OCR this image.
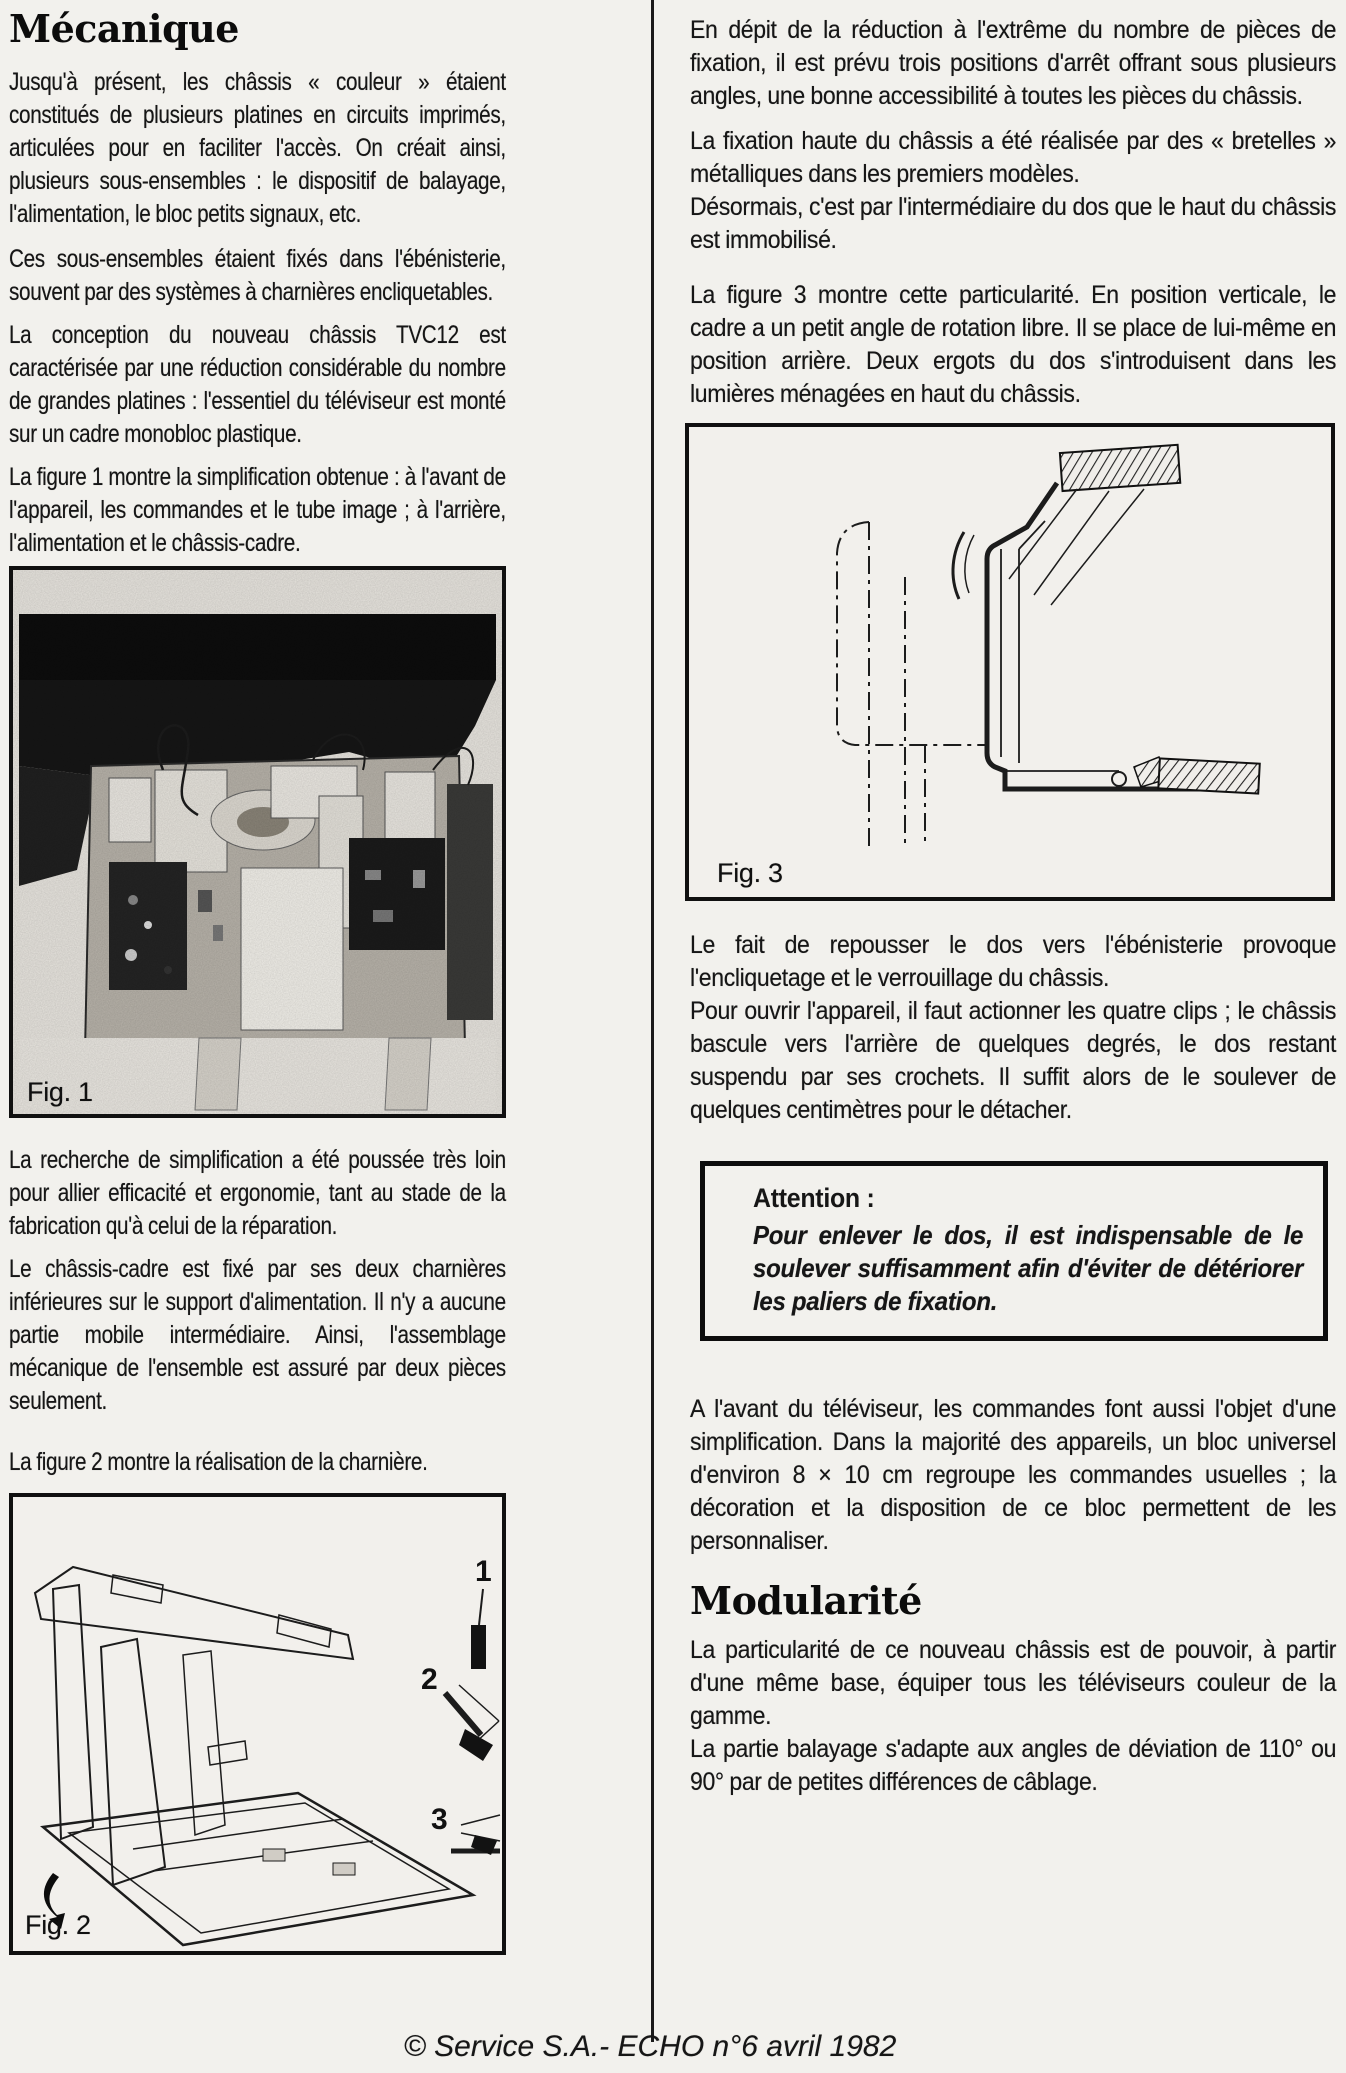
Mécanique

Jusqu'à présent, les châssis « couleur » étaient constitués de plusieurs platines en circuits imprimés, articulées pour en faciliter l'accès. On créait ainsi, plusieurs sous-ensembles : le dispositif de balayage, l'alimentation, le bloc petits signaux, etc.

Ces sous-ensembles étaient fixés dans l'ébénisterie, souvent par des systèmes à charnières encliquetables.

La conception du nouveau châssis TVC12 est caractérisée par une réduction considérable du nombre de grandes platines : l'essentiel du téléviseur est monté sur un cadre monobloc plastique.

La figure 1 montre la simplification obtenue : à l'avant de l'appareil, les commandes et le tube image ; à l'arrière, l'alimentation et le châssis-cadre.

Fig. 1

La recherche de simplification a été poussée très loin pour allier efficacité et ergonomie, tant au stade de la fabrication qu'à celui de la réparation.

Le châssis-cadre est fixé par ses deux charnières inférieures sur le support d'alimentation. Il n'y a aucune partie mobile intermédiaire. Ainsi, l'assemblage mécanique de l'ensemble est assuré par deux pièces seulement.

La figure 2 montre la réalisation de la charnière.

1
2
3
Fig. 2

En dépit de la réduction à l'extrême du nombre de pièces de fixation, il est prévu trois positions d'arrêt offrant sous plusieurs angles, une bonne accessibilité à toutes les pièces du châssis.

La fixation haute du châssis a été réalisée par des « bretelles » métalliques dans les premiers modèles.

Désormais, c'est par l'intermédiaire du dos que le haut du châssis est immobilisé.

La figure 3 montre cette particularité. En position verticale, le cadre a un petit angle de rotation libre. Il se place de lui-même en position arrière. Deux ergots du dos s'introduisent dans les lumières ménagées en haut du châssis.

Fig. 3

Le fait de repousser le dos vers l'ébénisterie provoque l'encliquetage et le verrouillage du châssis.

Pour ouvrir l'appareil, il faut actionner les quatre clips ; le châssis bascule vers l'arrière de quelques degrés, le dos restant suspendu par ses crochets. Il suffit alors de le soulever de quelques centimètres pour le détacher.

Attention :

Pour enlever le dos, il est indispensable de le soulever suffisamment afin d'éviter de détériorer les paliers de fixation.

A l'avant du téléviseur, les commandes font aussi l'objet d'une simplification. Dans la majorité des appareils, un bloc universel d'environ 8 × 10 cm regroupe les commandes usuelles ; la décoration et la disposition de ce bloc permettent de les personnaliser.

Modularité

La particularité de ce nouveau châssis est de pouvoir, à partir d'une même base, équiper tous les téléviseurs couleur de la gamme.

La partie balayage s'adapte aux angles de déviation de 110° ou 90° par de petites différences de câblage.

© Service S.A.- ECHO n°6 avril 1982
